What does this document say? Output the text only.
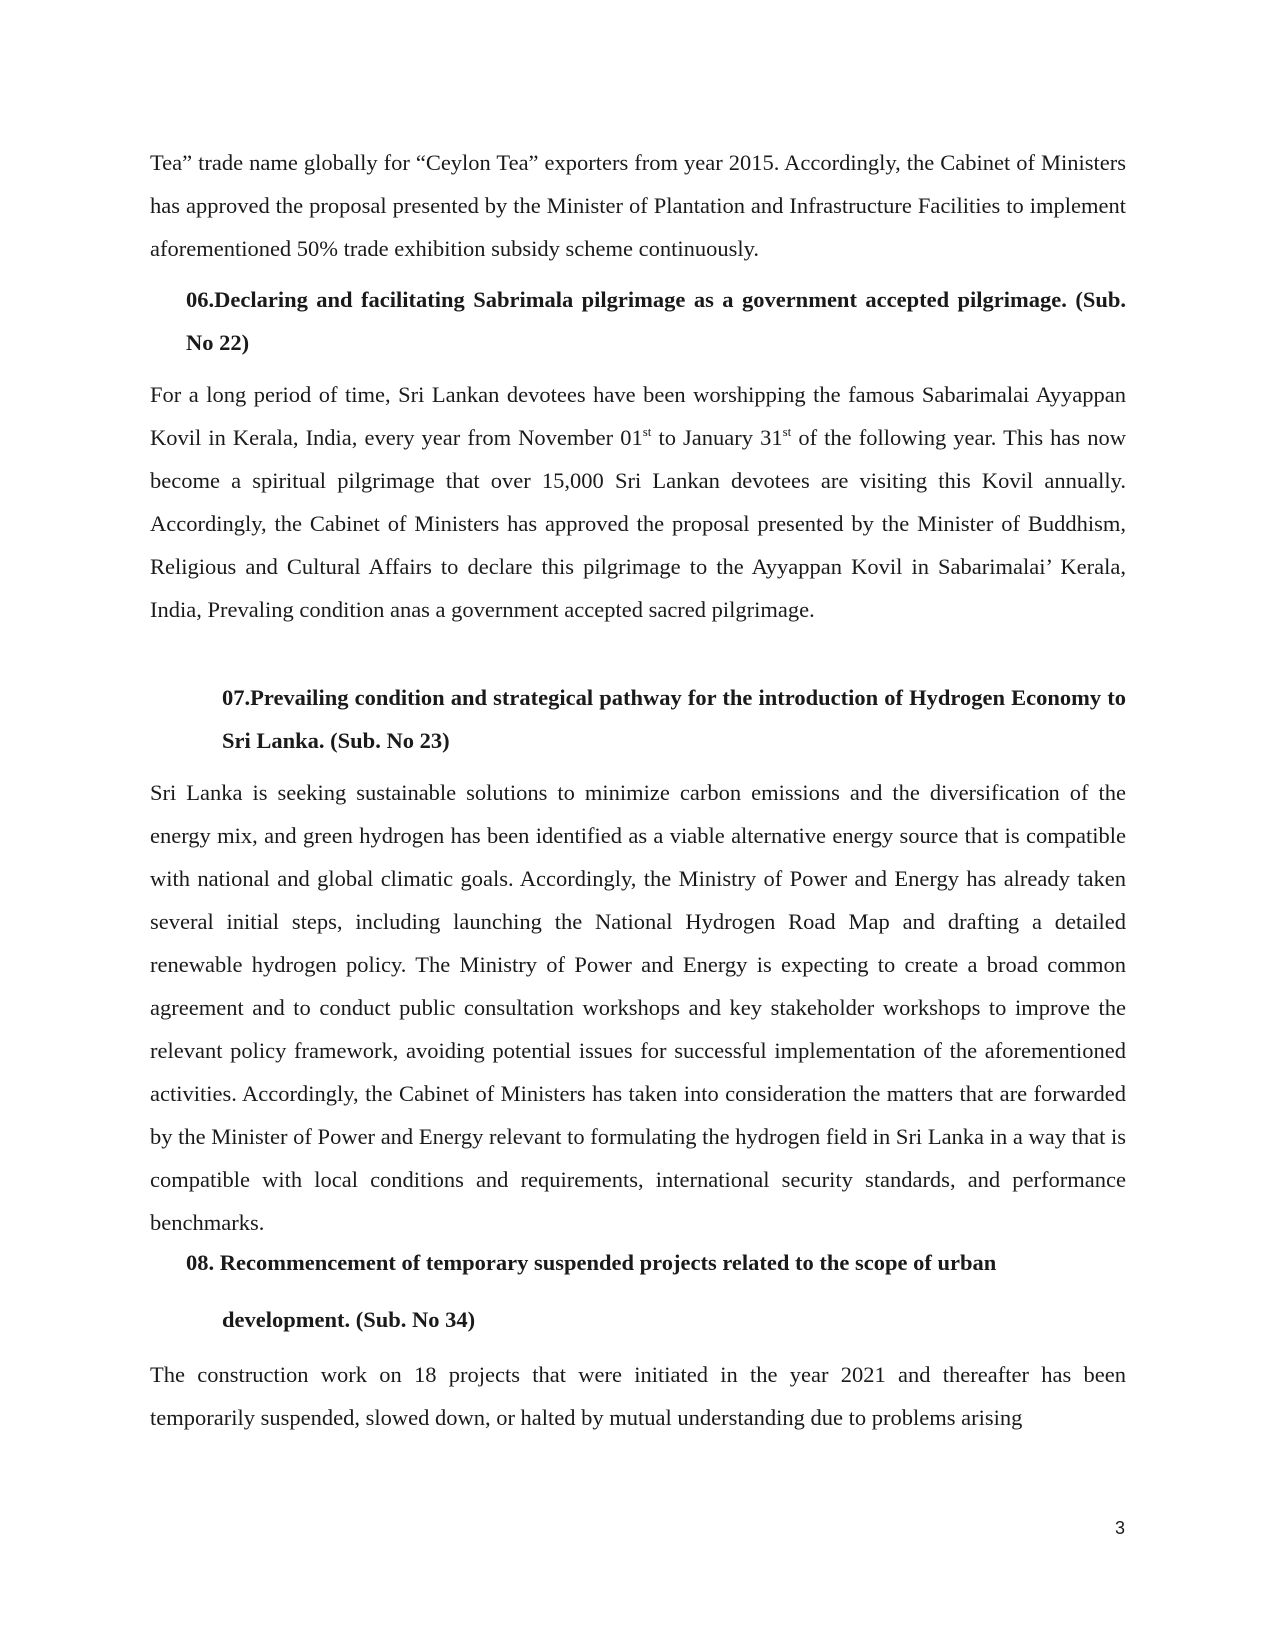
Tea” trade name globally for “Ceylon Tea” exporters from year 2015. Accordingly, the Cabinet of Ministers has approved the proposal presented by the Minister of Plantation and Infrastructure Facilities to implement aforementioned 50% trade exhibition subsidy scheme continuously.

06.Declaring and facilitating Sabrimala pilgrimage as a government accepted pilgrimage. (Sub. No 22)

For a long period of time, Sri Lankan devotees have been worshipping the famous Sabarimalai Ayyappan Kovil in Kerala, India, every year from November 01st to January 31st of the following year. This has now become a spiritual pilgrimage that over 15,000 Sri Lankan devotees are visiting this Kovil annually. Accordingly, the Cabinet of Ministers has approved the proposal presented by the Minister of Buddhism, Religious and Cultural Affairs to declare this pilgrimage to the Ayyappan Kovil in Sabarimalai’ Kerala, India, Prevaling condition anas a government accepted sacred pilgrimage.

07.Prevailing condition and strategical pathway for the introduction of Hydrogen Economy to Sri Lanka. (Sub. No 23)

Sri Lanka is seeking sustainable solutions to minimize carbon emissions and the diversification of the energy mix, and green hydrogen has been identified as a viable alternative energy source that is compatible with national and global climatic goals. Accordingly, the Ministry of Power and Energy has already taken several initial steps, including launching the National Hydrogen Road Map and drafting a detailed renewable hydrogen policy. The Ministry of Power and Energy is expecting to create a broad common agreement and to conduct public consultation workshops and key stakeholder workshops to improve the relevant policy framework, avoiding potential issues for successful implementation of the aforementioned activities. Accordingly, the Cabinet of Ministers has taken into consideration the matters that are forwarded by the Minister of Power and Energy relevant to formulating the hydrogen field in Sri Lanka in a way that is compatible with local conditions and requirements, international security standards, and performance benchmarks.

08. Recommencement of temporary suspended projects related to the scope of urban

development. (Sub. No 34)

The construction work on 18 projects that were initiated in the year 2021 and thereafter has been temporarily suspended, slowed down, or halted by mutual understanding due to problems arising

3
